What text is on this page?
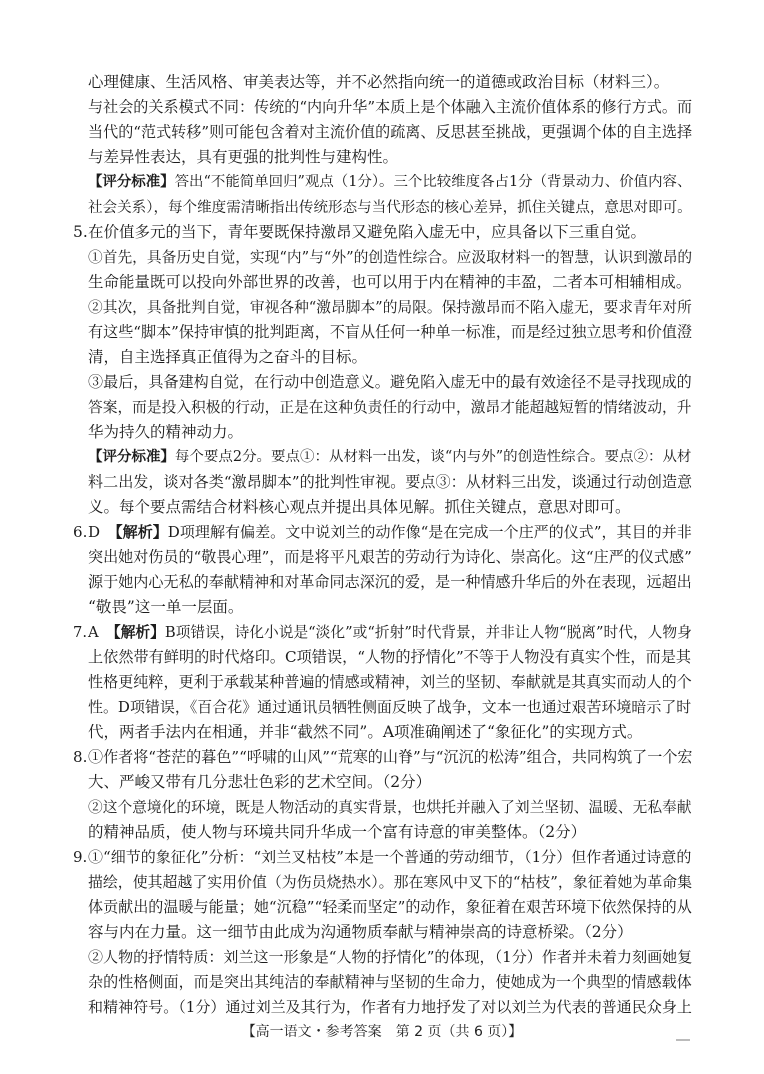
心理健康、生活风格、审美表达等，并不必然指向统一的道德或政治目标（材料三）。
与社会的关系模式不同：传统的“内向升华”本质上是个体融入主流价值体系的修行方式。而
当代的“范式转移”则可能包含着对主流价值的疏离、反思甚至挑战，更强调个体的自主选择
与差异性表达，具有更强的批判性与建构性。
【评分标准】答出“不能简单回归”观点（1分）。三个比较维度各占1分（背景动力、价值内容、
社会关系），每个维度需清晰指出传统形态与当代形态的核心差异，抓住关键点，意思对即可。
5. 在价值多元的当下，青年要既保持激昂又避免陷入虚无中，应具备以下三重自觉。
①首先，具备历史自觉，实现“内”与“外”的创造性综合。应汲取材料一的智慧，认识到激昂的
生命能量既可以投向外部世界的改善，也可以用于内在精神的丰盈，二者本可相辅相成。
②其次，具备批判自觉，审视各种“激昂脚本”的局限。保持激昂而不陷入虚无，要求青年对所
有这些“脚本”保持审慎的批判距离，不盲从任何一种单一标准，而是经过独立思考和价值澄
清，自主选择真正值得为之奋斗的目标。
③最后，具备建构自觉，在行动中创造意义。避免陷入虚无中的最有效途径不是寻找现成的
答案，而是投入积极的行动，正是在这种负责任的行动中，激昂才能超越短暂的情绪波动，升
华为持久的精神动力。
【评分标准】每个要点2分。要点①：从材料一出发，谈“内与外”的创造性综合。要点②：从材
料二出发，谈对各类“激昂脚本”的批判性审视。要点③：从材料三出发，谈通过行动创造意
义。每个要点需结合材料核心观点并提出具体见解。抓住关键点，意思对即可。
6. D　【解析】D项理解有偏差。文中说刘兰的动作像“是在完成一个庄严的仪式”，其目的并非
突出她对伤员的“敬畏心理”，而是将平凡艰苦的劳动行为诗化、崇高化。这“庄严的仪式感”
源于她内心无私的奉献精神和对革命同志深沉的爱，是一种情感升华后的外在表现，远超出
“敬畏”这一单一层面。
7. A　【解析】B项错误，诗化小说是“淡化”或“折射”时代背景，并非让人物“脱离”时代，人物身
上依然带有鲜明的时代烙印。C项错误，“人物的抒情化”不等于人物没有真实个性，而是其
性格更纯粹，更利于承载某种普遍的情感或精神，刘兰的坚韧、奉献就是其真实而动人的个
性。D项错误，《百合花》通过通讯员牺牲侧面反映了战争，文本一也通过艰苦环境暗示了时
代，两者手法内在相通，并非“截然不同”。A项准确阐述了“象征化”的实现方式。
8. ①作者将“苍茫的暮色”“呼啸的山风”“荒寒的山脊”与“沉沉的松涛”组合，共同构筑了一个宏
大、严峻又带有几分悲壮色彩的艺术空间。（2分）
②这个意境化的环境，既是人物活动的真实背景，也烘托并融入了刘兰坚韧、温暖、无私奉献
的精神品质，使人物与环境共同升华成一个富有诗意的审美整体。（2分）
9. ①“细节的象征化”分析：“刘兰叉枯枝”本是一个普通的劳动细节，（1分）但作者通过诗意的
描绘，使其超越了实用价值（为伤员烧热水）。那在寒风中叉下的“枯枝”，象征着她为革命集
体贡献出的温暖与能量；她“沉稳”“轻柔而坚定”的动作，象征着在艰苦环境下依然保持的从
容与内在力量。这一细节由此成为沟通物质奉献与精神崇高的诗意桥梁。（2分）
②人物的抒情特质：刘兰这一形象是“人物的抒情化”的体现，（1分）作者并未着力刻画她复
杂的性格侧面，而是突出其纯洁的奉献精神与坚韧的生命力，使她成为一个典型的情感载体
和精神符号。（1分）通过刘兰及其行为，作者有力地抒发了对以刘兰为代表的普通民众身上
【高一语文・参考答案　第 2 页（共 6 页）】
